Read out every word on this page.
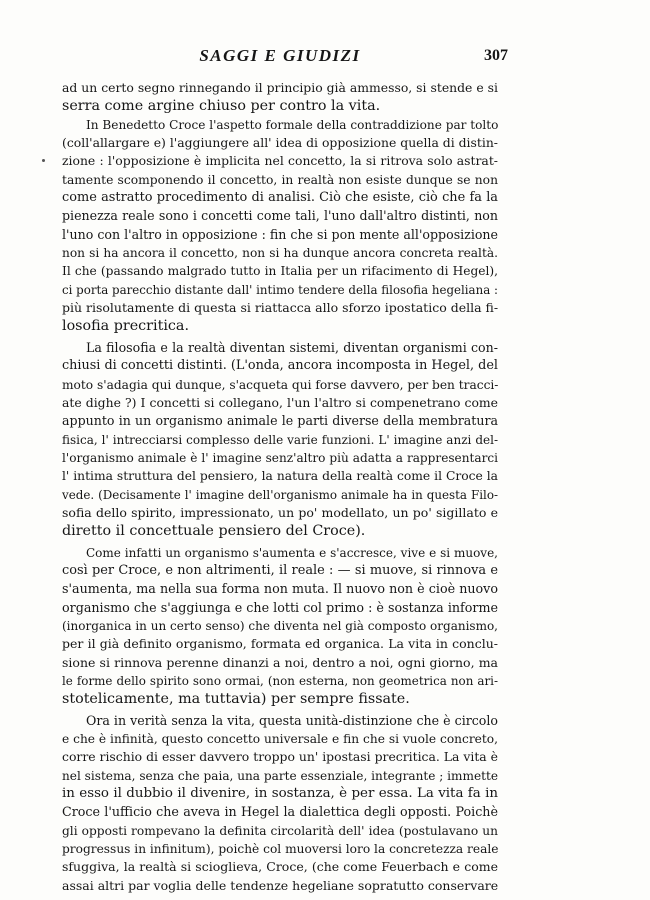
SAGGI E GIUDIZI	307
ad un certo segno rinnegando il principio già ammesso, si stende e si
serra come argine chiuso per contro la vita.
In Benedetto Croce l'aspetto formale della contraddizione par tolto
(coll'allargare e) l'aggiungere all' idea di opposizione quella di distin-
zione : l'opposizione è implicita nel concetto, la si ritrova solo astrat-
tamente scomponendo il concetto, in realtà non esiste dunque se non
come astratto procedimento di analisi. Ciò che esiste, ciò che fa la
pienezza reale sono i concetti come tali, l'uno dall'altro distinti, non
l'uno con l'altro in opposizione : fin che si pon mente all'opposizione
non si ha ancora il concetto, non si ha dunque ancora concreta realtà.
Il che (passando malgrado tutto in Italia per un rifacimento di Hegel),
ci porta parecchio distante dall' intimo tendere della filosofia hegeliana :
più risolutamente di questa si riattacca allo sforzo ipostatico della fi-
losofia precritica.
La filosofia e la realtà diventan sistemi, diventan organismi con-
chiusi di concetti distinti. (L'onda, ancora incomposta in Hegel, del
moto s'adagia qui dunque, s'acqueta qui forse davvero, per ben tracci-
ate dighe ?) I concetti si collegano, l'un l'altro si compenetrano come
appunto in un organismo animale le parti diverse della membratura
fisica, l' intrecciarsi complesso delle varie funzioni. L' imagine anzi del-
l'organismo animale è l' imagine senz'altro più adatta a rappresentarci
l' intima struttura del pensiero, la natura della realtà come il Croce la
vede. (Decisamente l' imagine dell'organismo animale ha in questa Filo-
sofia dello spirito, impressionato, un po' modellato, un po' sigillato e
diretto il concettuale pensiero del Croce).
Come infatti un organismo s'aumenta e s'accresce, vive e si muove,
così per Croce, e non altrimenti, il reale : — si muove, si rinnova e
s'aumenta, ma nella sua forma non muta. Il nuovo non è cioè nuovo
organismo che s'aggiunga e che lotti col primo : è sostanza informe
(inorganica in un certo senso) che diventa nel già composto organismo,
per il già definito organismo, formata ed organica. La vita in conclu-
sione si rinnova perenne dinanzi a noi, dentro a noi, ogni giorno, ma
le forme dello spirito sono ormai, (non esterna, non geometrica non ari-
stotelicamente, ma tuttavia) per sempre fissate.
Ora in verità senza la vita, questa unità-distinzione che è circolo
e che è infinità, questo concetto universale e fin che si vuole concreto,
corre rischio di esser davvero troppo un' ipostasi precritica. La vita è
nel sistema, senza che paia, una parte essenziale, integrante ; immette
in esso il dubbio il divenire, in sostanza, è per essa. La vita fa in
Croce l'ufficio che aveva in Hegel la dialettica degli opposti. Poichè
gli opposti rompevano la definita circolarità dell' idea (postulavano un
progressus in infinitum), poichè col muoversi loro la concretezza reale
sfuggiva, la realtà si scioglieva, Croce, (che come Feuerbach e come
assai altri par voglia delle tendenze hegeliane sopratutto conservare
